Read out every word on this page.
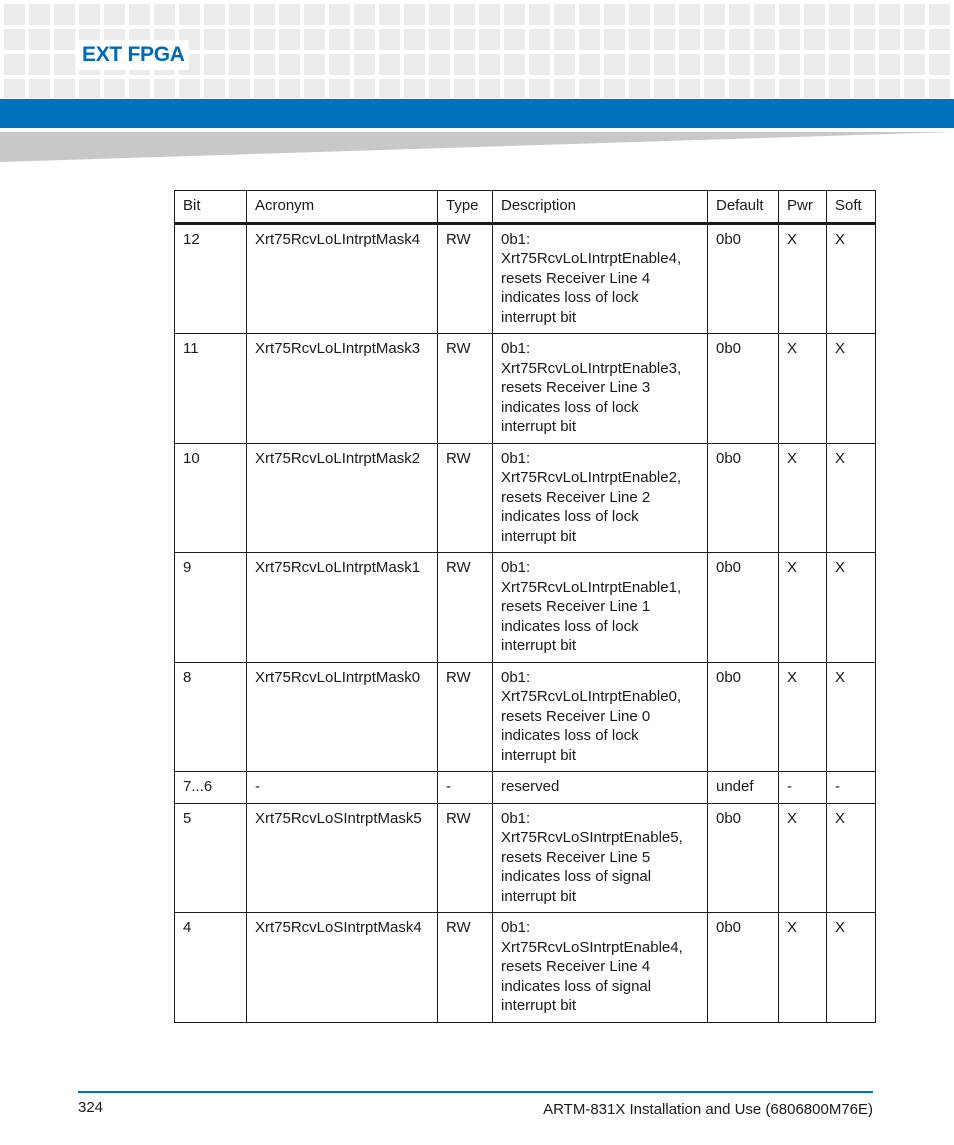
EXT FPGA
Bit	Acronym	Type	Description	Default	Pwr	Soft
12	Xrt75RcvLoLIntrptMask4	RW	0b1:
Xrt75RcvLoLIntrptEnable4,
resets Receiver Line 4
indicates loss of lock
interrupt bit	0b0	X	X
11	Xrt75RcvLoLIntrptMask3	RW	0b1:
Xrt75RcvLoLIntrptEnable3,
resets Receiver Line 3
indicates loss of lock
interrupt bit	0b0	X	X
10	Xrt75RcvLoLIntrptMask2	RW	0b1:
Xrt75RcvLoLIntrptEnable2,
resets Receiver Line 2
indicates loss of lock
interrupt bit	0b0	X	X
9	Xrt75RcvLoLIntrptMask1	RW	0b1:
Xrt75RcvLoLIntrptEnable1,
resets Receiver Line 1
indicates loss of lock
interrupt bit	0b0	X	X
8	Xrt75RcvLoLIntrptMask0	RW	0b1:
Xrt75RcvLoLIntrptEnable0,
resets Receiver Line 0
indicates loss of lock
interrupt bit	0b0	X	X
7...6	-	-	reserved	undef	-	-
5	Xrt75RcvLoSIntrptMask5	RW	0b1:
Xrt75RcvLoSIntrptEnable5,
resets Receiver Line 5
indicates loss of signal
interrupt bit	0b0	X	X
4	Xrt75RcvLoSIntrptMask4	RW	0b1:
Xrt75RcvLoSIntrptEnable4,
resets Receiver Line 4
indicates loss of signal
interrupt bit	0b0	X	X
324	ARTM-831X Installation and Use (6806800M76E)
